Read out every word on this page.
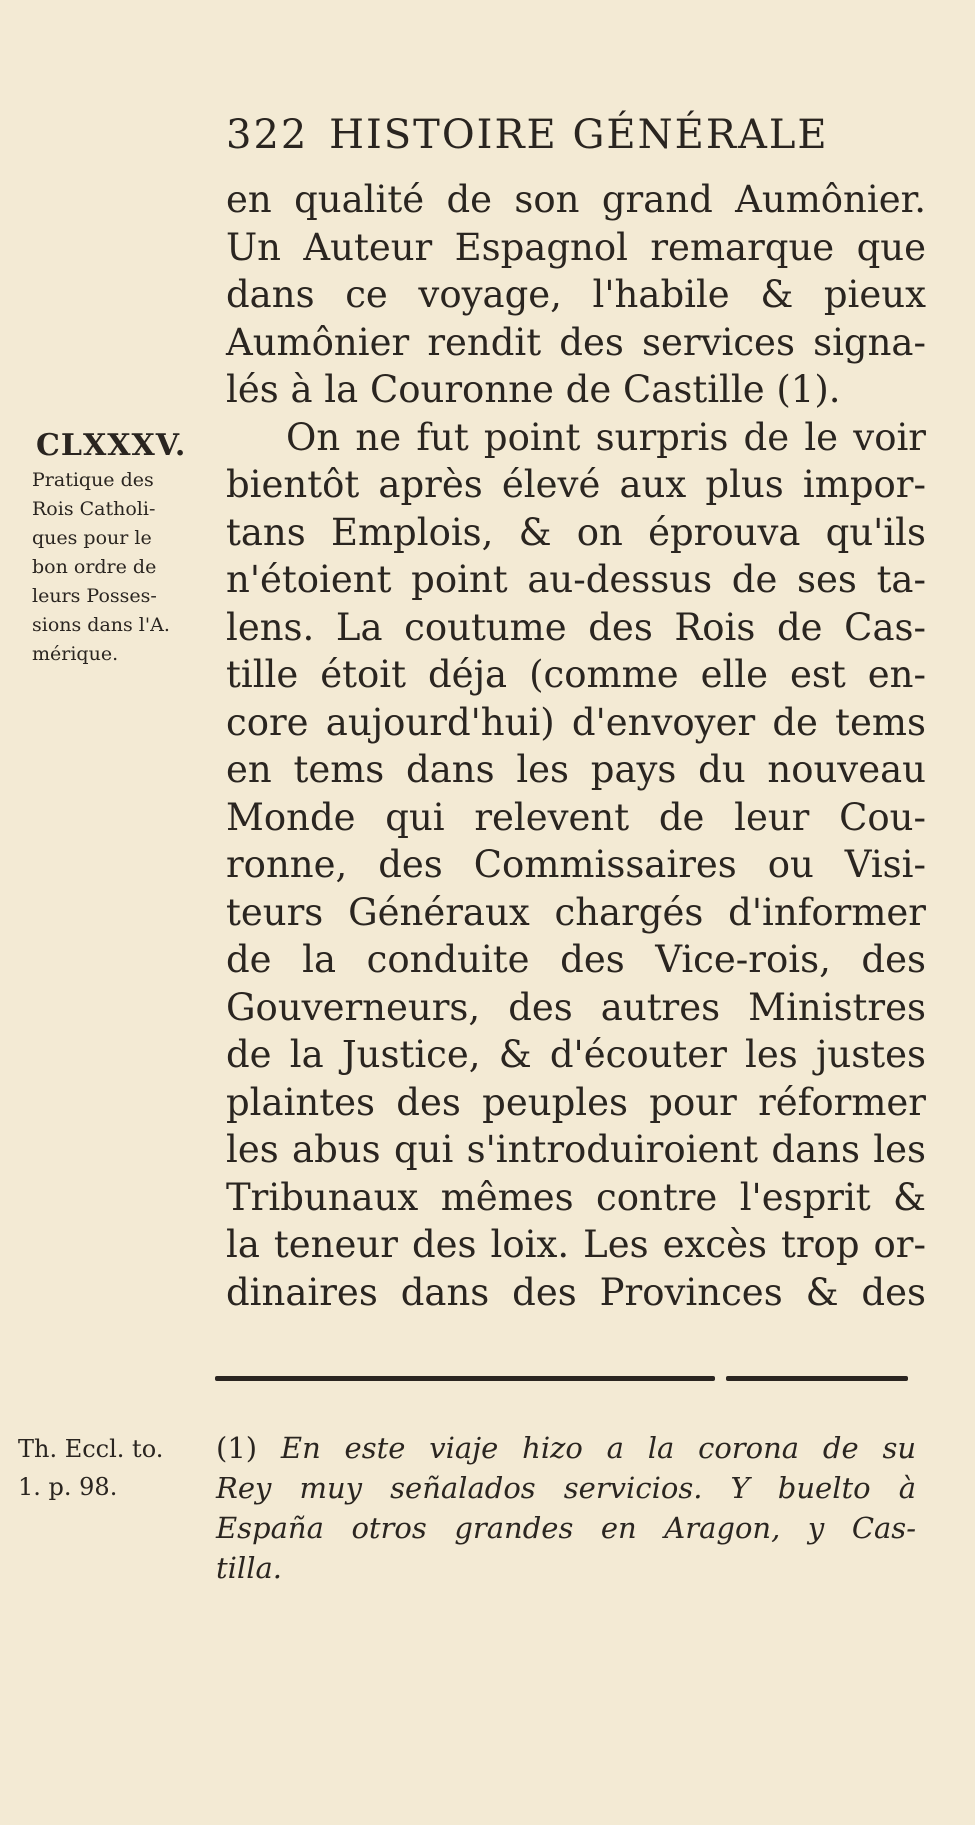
322 HISTOIRE GÉNÉRALE
CLXXXV.
Pratique des
Rois Catholi-
ques pour le
bon ordre de
leurs Posses-
sions dans l'A.
mérique.
en qualité de son grand Aumônier.
Un Auteur Espagnol remarque que
dans ce voyage, l'habile & pieux
Aumônier rendit des services signa-
lés à la Couronne de Castille (1).
On ne fut point surpris de le voir
bientôt après élevé aux plus impor-
tans Emplois, & on éprouva qu'ils
n'étoient point au-dessus de ses ta-
lens. La coutume des Rois de Cas-
tille étoit déja (comme elle est en-
core aujourd'hui) d'envoyer de tems
en tems dans les pays du nouveau
Monde qui relevent de leur Cou-
ronne, des Commissaires ou Visi-
teurs Généraux chargés d'informer
de la conduite des Vice-rois, des
Gouverneurs, des autres Ministres
de la Justice, & d'écouter les justes
plaintes des peuples pour réformer
les abus qui s'introduiroient dans les
Tribunaux mêmes contre l'esprit &
la teneur des loix. Les excès trop or-
dinaires dans des Provinces & des
Th. Eccl. to.
1. p. 98.
(1) En este viaje hizo a la corona de su
Rey muy señalados servicios. Y buelto à
España otros grandes en Aragon, y Cas-
tilla.
